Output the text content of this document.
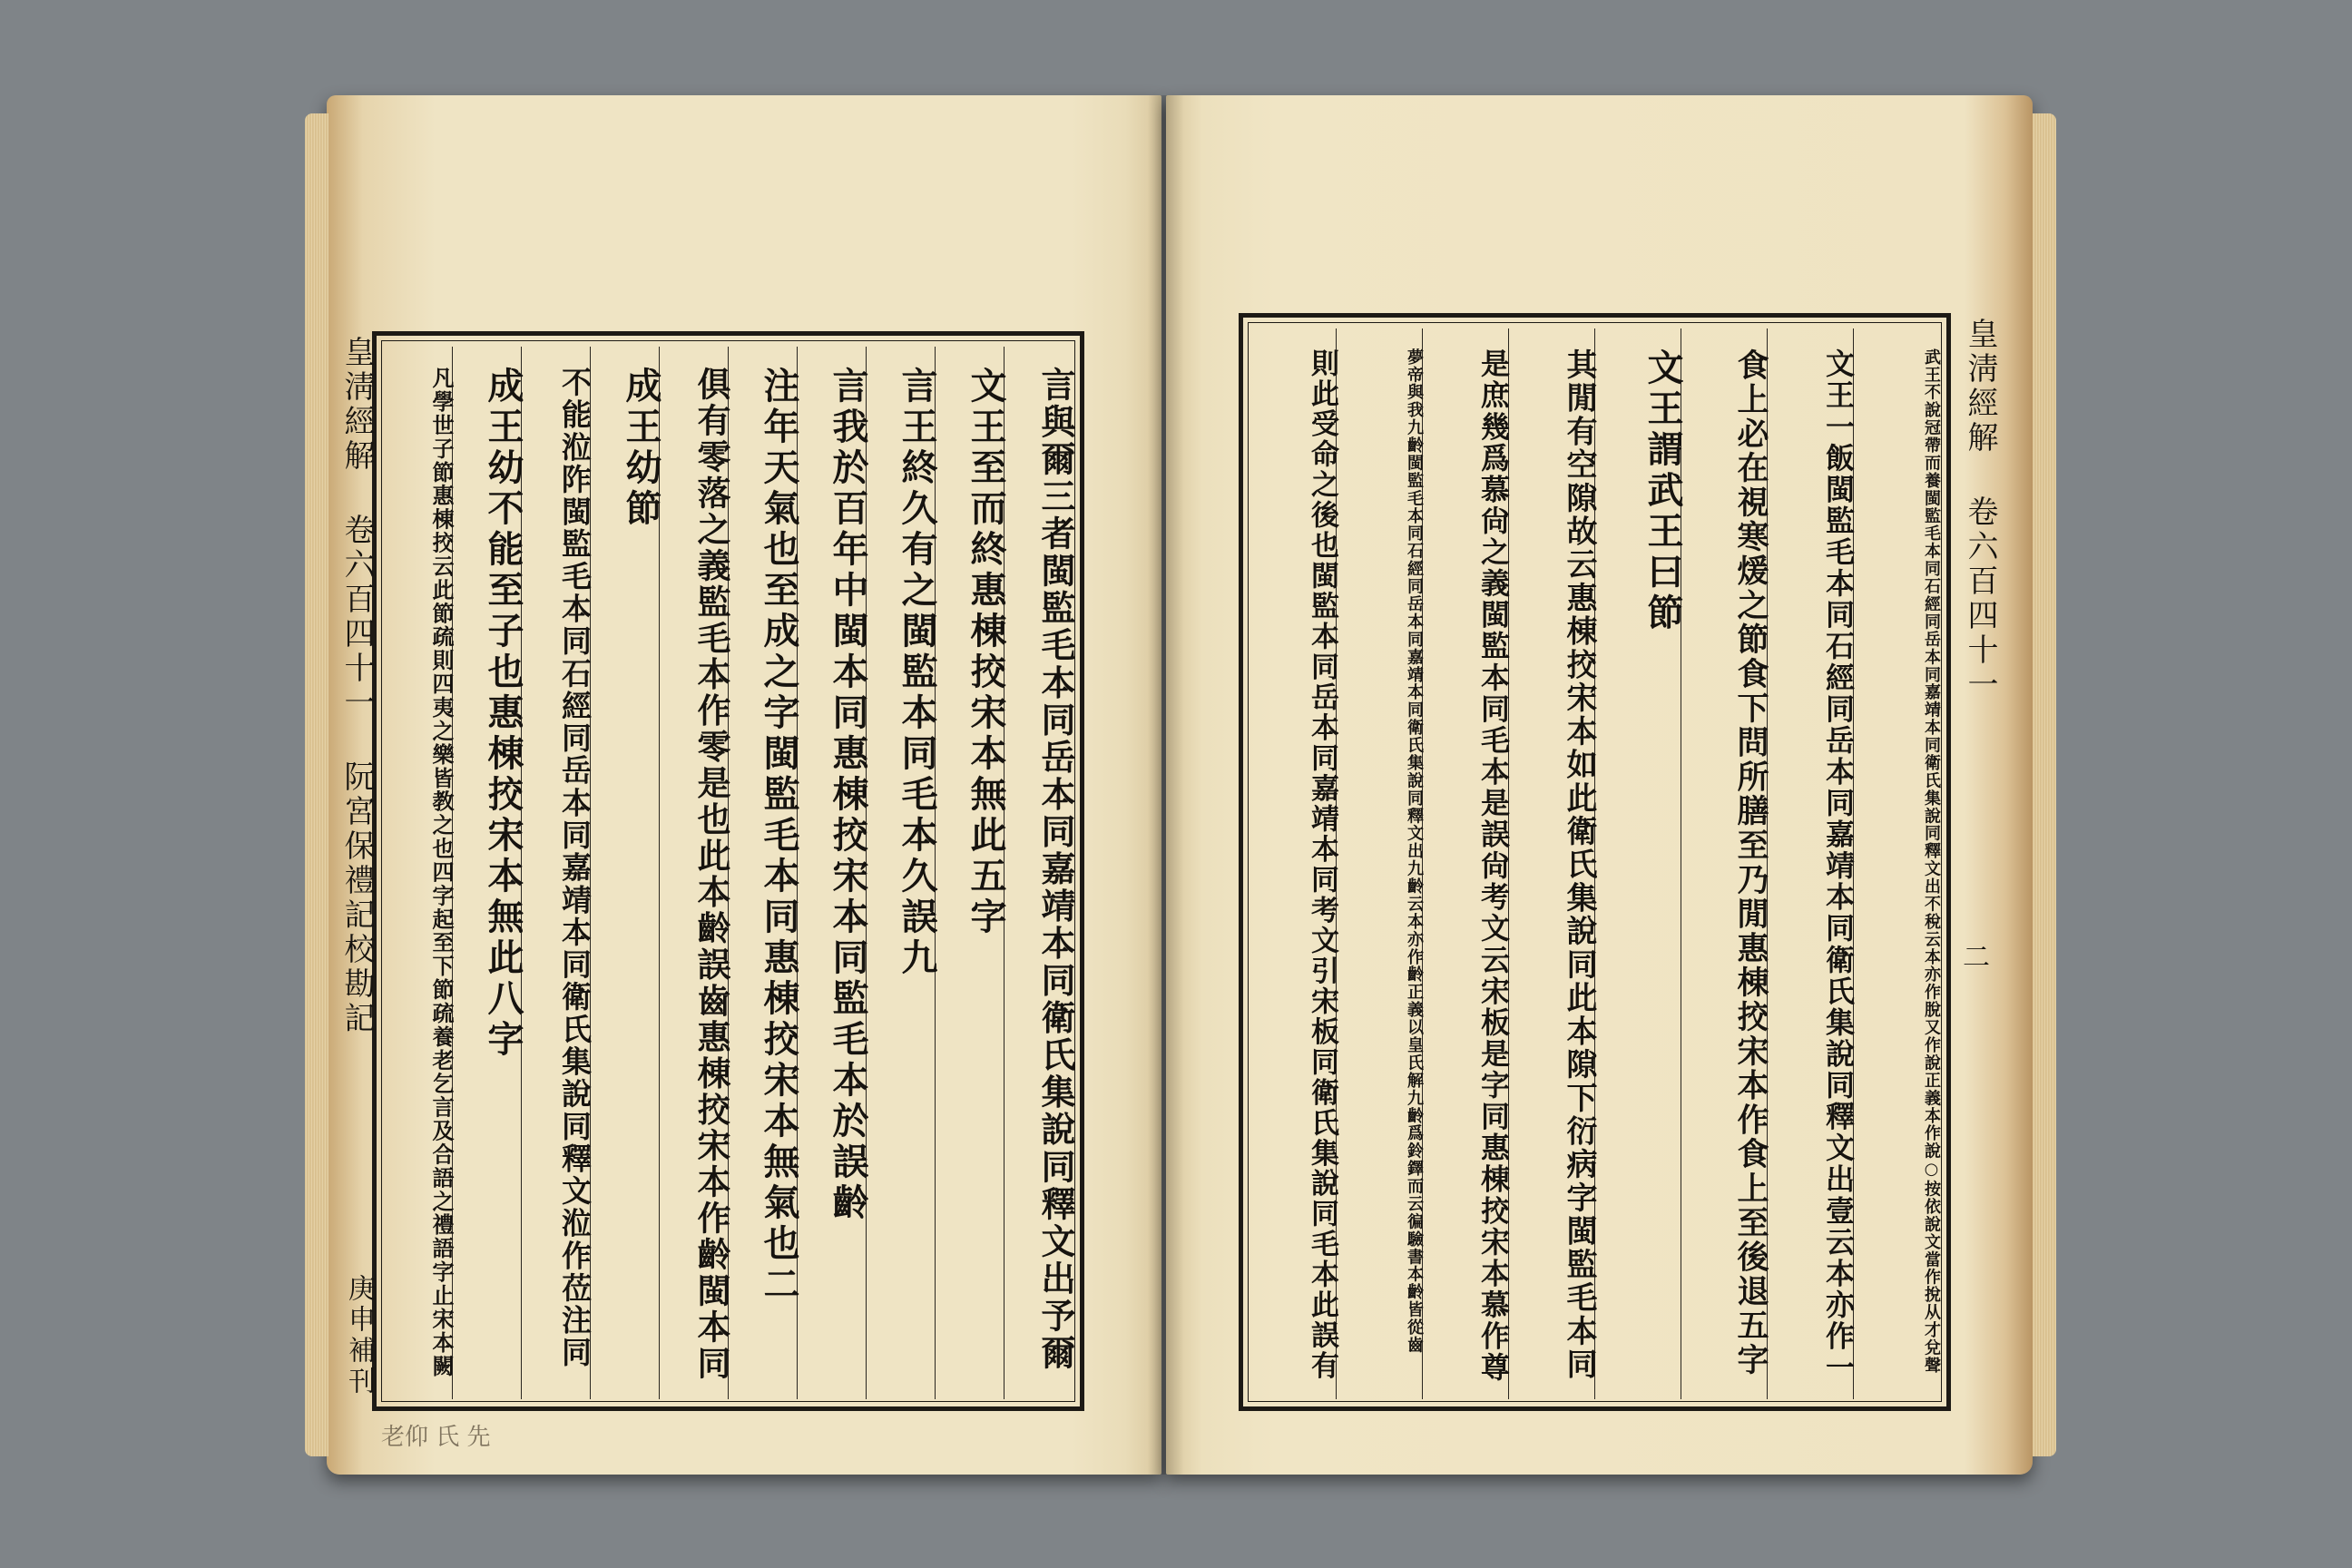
言與爾三者閩監毛本同岳本同嘉靖本同衛氏集說同釋文出予爾
文王至而終惠棟挍宋本無此五字
言王終久有之閩監本同毛本久誤九
言我於百年中閩本同惠棟挍宋本同監毛本於誤齡
注年天氣也至成之字閩監毛本同惠棟挍宋本無氣也二
俱有零落之義監毛本作零是也此本齡誤齒惠棟挍宋本作齡閩本同
成王幼節
不能涖阼閩監毛本同石經同岳本同嘉靖本同衛氏集說同釋文涖作莅注同
成王幼不能至子也惠棟挍宋本無此八字
凡學世子節惠棟挍云此節疏則四夷之樂皆教之也四字起至下節疏養老乞言及合語之禮語字止宋本闕
皇淸經解 卷六百四十一 阮宮保禮記校勘記
庚申補刊
老仰 氏 先
武王不說冠帶而養閩監毛本同石經同岳本同嘉靖本同衛氏集說同釋文出不稅云本亦作脫又作說正義本作說○按依說文當作挩从才兌聲
文王一飯閩監毛本同石經同岳本同嘉靖本同衛氏集說同釋文出壹云本亦作一
食上必在視寒煖之節食下問所膳至乃閒惠棟挍宋本作食上至後退五字
文王謂武王曰節
其閒有空隙故云惠棟挍宋本如此衛氏集說同此本隙下衍病字閩監毛本同
是庶幾爲慕尙之義閩監本同毛本是誤尙考文云宋板是字同惠棟挍宋本慕作尊
夢帝與我九齡閩監毛本同石經同岳本同嘉靖本同衛氏集說同釋文出九齡云本亦作齡正義以皇氏解九齡爲鈴鐸而云徧驗書本齡皆從齒
則此受命之後也閩監本同岳本同嘉靖本同考文引宋板同衛氏集說同毛本此誤有	皇淸經解 卷六百四十一
二
